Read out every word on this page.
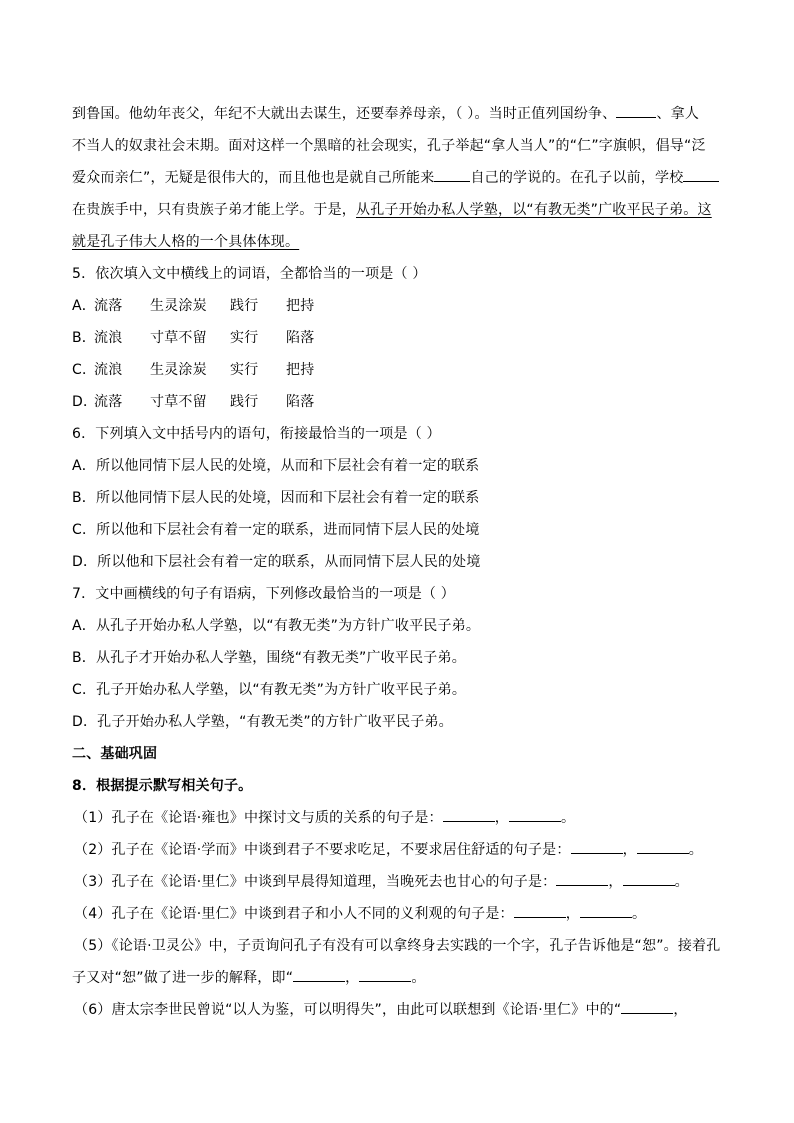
到鲁国。他幼年丧父，年纪不大就出去谋生，还要奉养母亲，（ ）。当时正值列国纷争、	、拿人
不当人的奴隶社会末期。面对这样一个黑暗的社会现实，孔子举起“拿人当人”的“仁”字旗帜，倡导“泛
爱众而亲仁”，无疑是很伟大的，而且他也是就自己所能来	自己的学说的。在孔子以前，学校
在贵族手中，只有贵族子弟才能上学。于是，从孔子开始办私人学塾，以“有教无类”广收平民子弟。这
就是孔子伟大人格的一个具体体现。
5．依次填入文中横线上的词语，全都恰当的一项是（ ）
A．流落 生灵涂炭 践行 把持
B．流浪 寸草不留 实行 陷落
C．流浪 生灵涂炭 实行 把持
D．流落 寸草不留 践行 陷落
6．下列填入文中括号内的语句，衔接最恰当的一项是（ ）
A．所以他同情下层人民的处境，从而和下层社会有着一定的联系
B．所以他同情下层人民的处境，因而和下层社会有着一定的联系
C．所以他和下层社会有着一定的联系，进而同情下层人民的处境
D．所以他和下层社会有着一定的联系，从而同情下层人民的处境
7．文中画横线的句子有语病，下列修改最恰当的一项是（ ）
A．从孔子开始办私人学塾，以“有教无类”为方针广收平民子弟。
B．从孔子才开始办私人学塾，围绕“有教无类”广收平民子弟。
C．孔子开始办私人学塾，以“有教无类”为方针广收平民子弟。
D．孔子开始办私人学塾，“有教无类”的方针广收平民子弟。
二、基础巩固
8．根据提示默写相关句子。
（1）孔子在《论语·雍也》中探讨文与质的关系的句子是：	，	。
（2）孔子在《论语·学而》中谈到君子不要求吃足，不要求居住舒适的句子是：	，	。
（3）孔子在《论语·里仁》中谈到早晨得知道理，当晚死去也甘心的句子是：	，	。
（4）孔子在《论语·里仁》中谈到君子和小人不同的义利观的句子是：	，	。
（5）《论语·卫灵公》中，子贡询问孔子有没有可以拿终身去实践的一个字，孔子告诉他是“恕”。接着孔
子又对“恕”做了进一步的解释，即“	，	。
（6）唐太宗李世民曾说“以人为鉴，可以明得失”，由此可以联想到《论语·里仁》中的“	，
